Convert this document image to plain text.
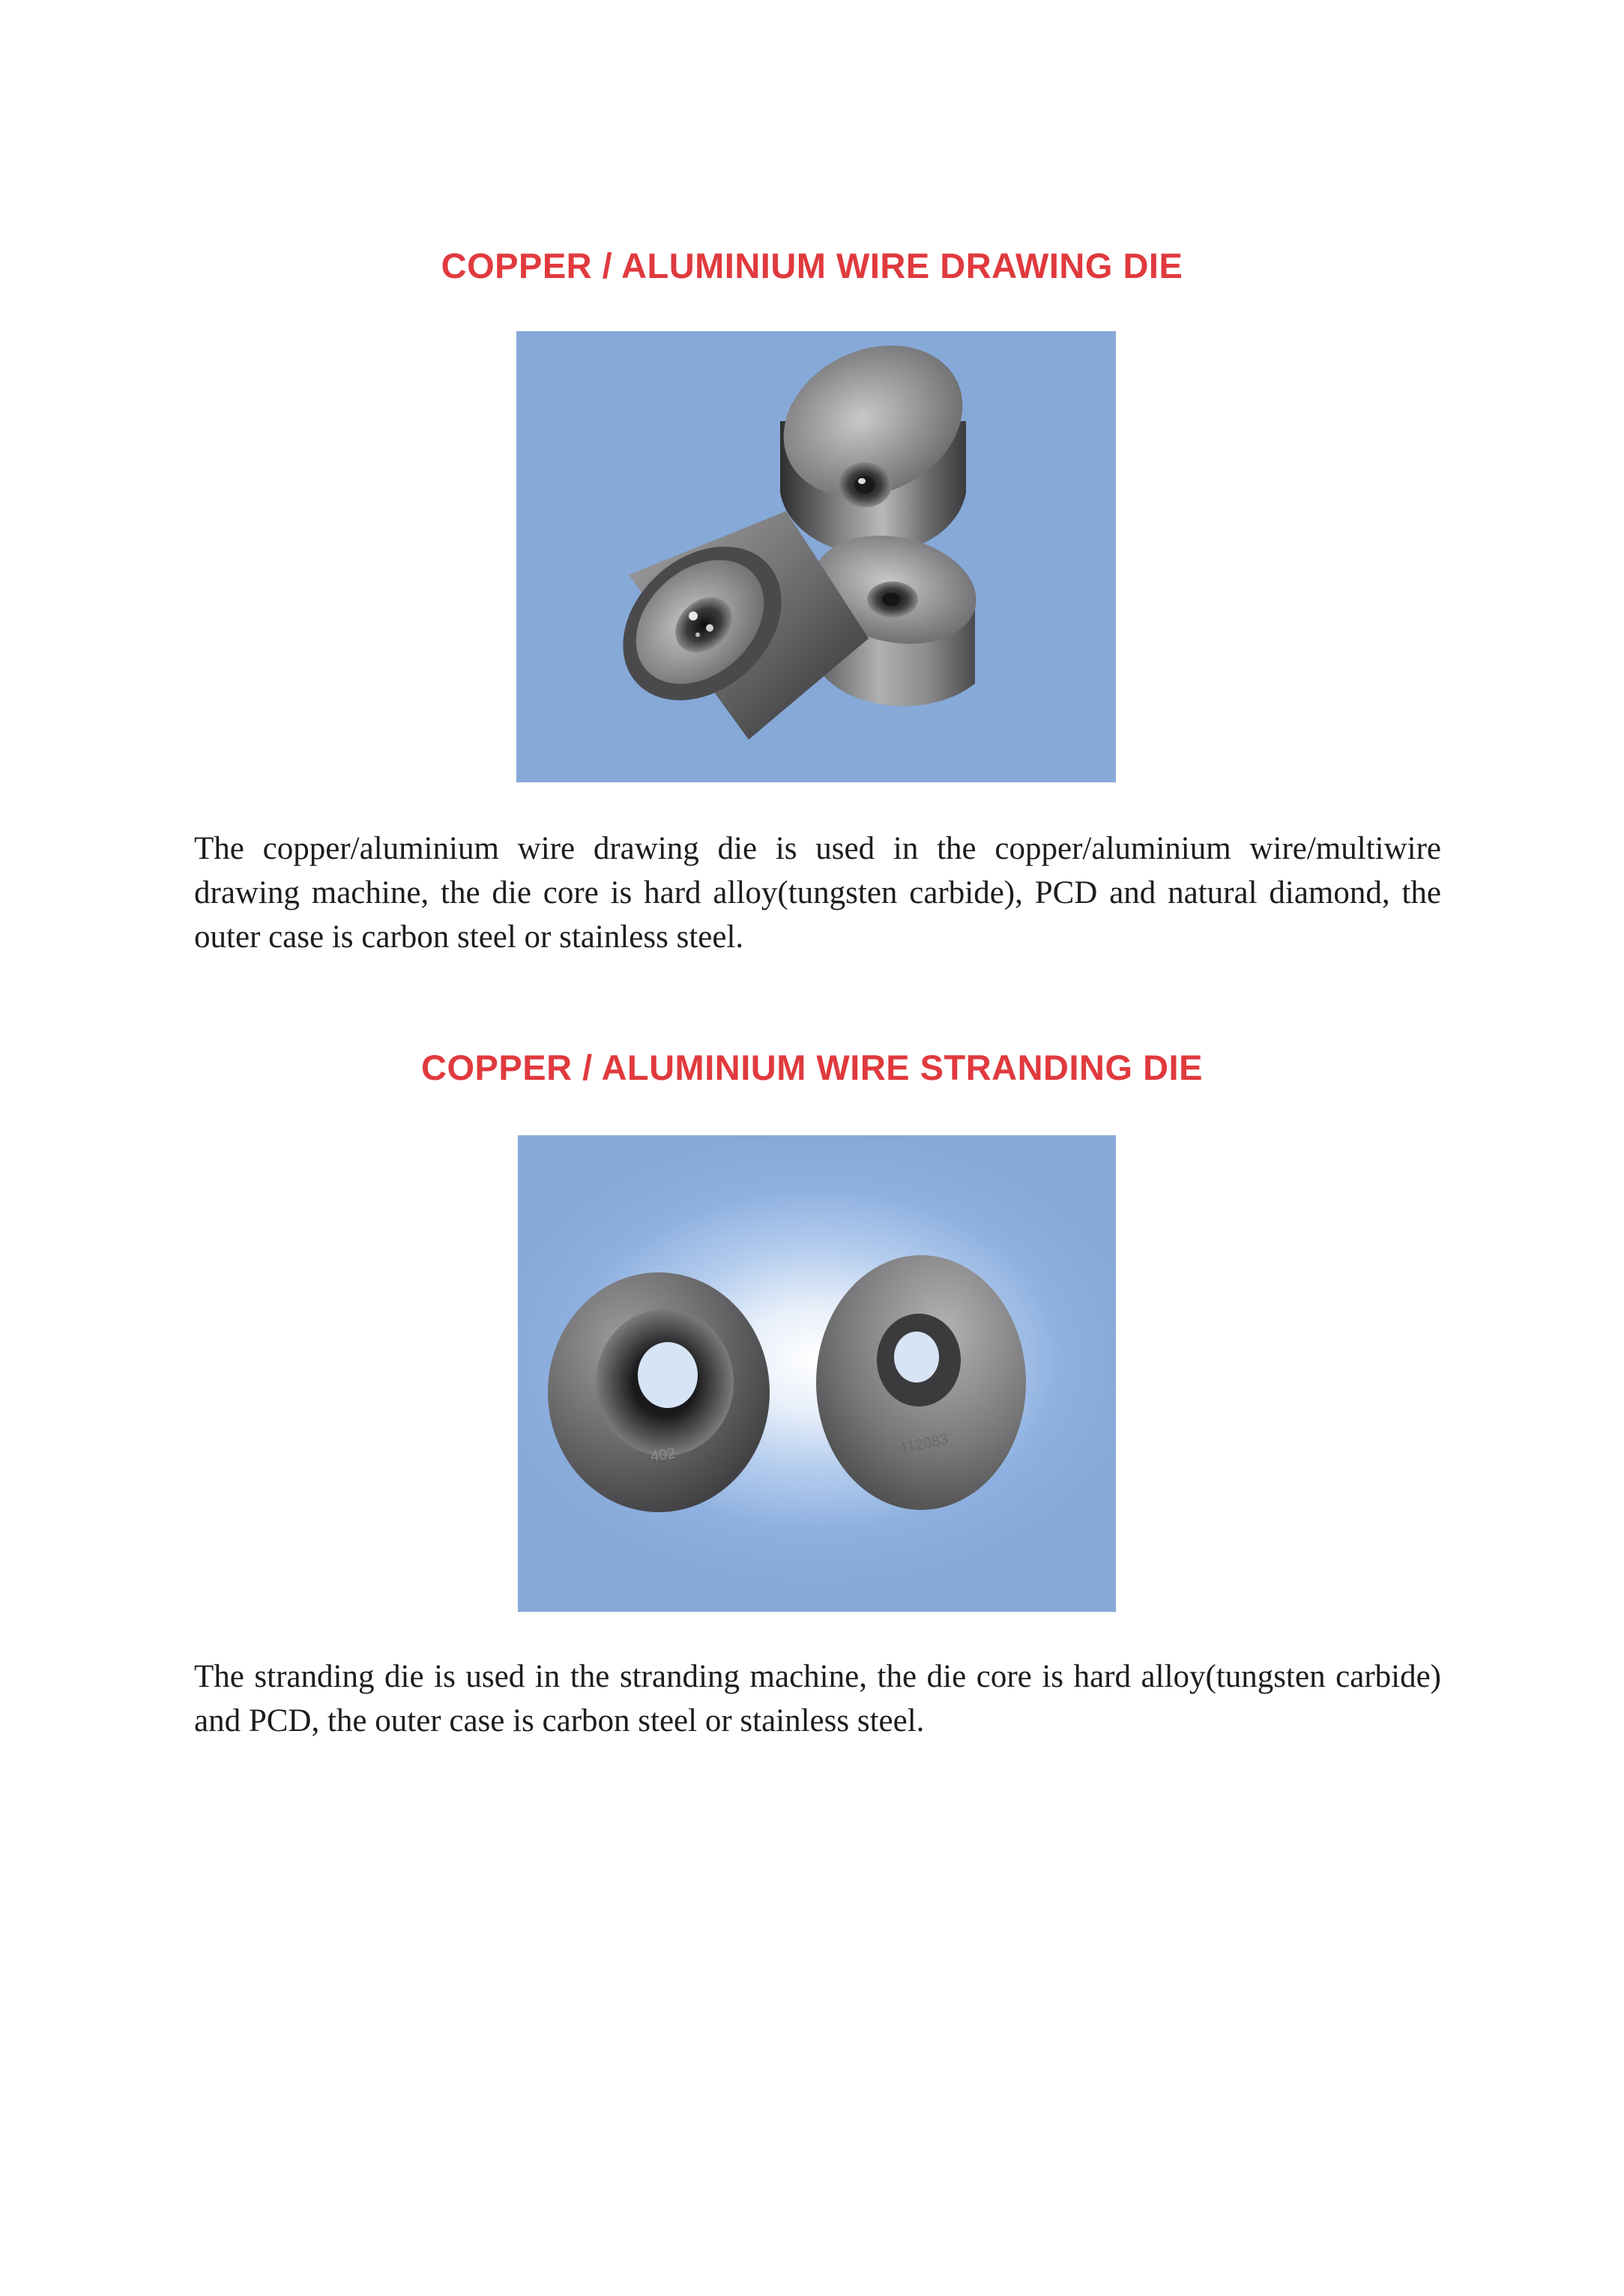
COPPER / ALUMINIUM WIRE DRAWING DIE

The copper/aluminium wire drawing die is used in the copper/aluminium wire/multiwire drawing machine, the die core is hard alloy(tungsten carbide), PCD and natural diamond, the outer case is carbon steel or stainless steel.

COPPER / ALUMINIUM WIRE STRANDING DIE
402	412083

The stranding die is used in the stranding machine, the die core is hard alloy(tungsten carbide) and PCD, the outer case is carbon steel or stainless steel.
